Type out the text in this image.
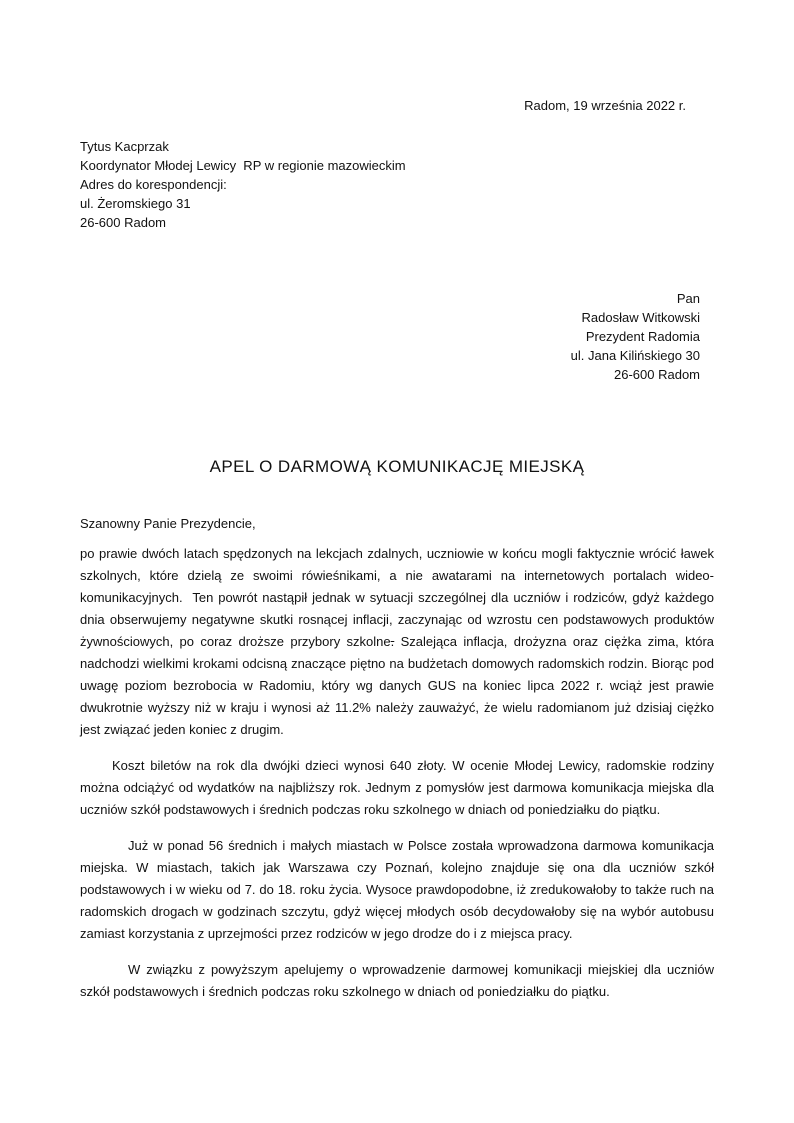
Radom, 19 września 2022 r.
Tytus Kacprzak
Koordynator Młodej Lewicy  RP w regionie mazowieckim
Adres do korespondencji:
ul. Żeromskiego 31
26-600 Radom
Pan
Radosław Witkowski
Prezydent Radomia
ul. Jana Kilińskiego 30
26-600 Radom
APEL O DARMOWĄ KOMUNIKACJĘ MIEJSKĄ

Szanowny Panie Prezydencie,

po prawie dwóch latach spędzonych na lekcjach zdalnych, uczniowie w końcu mogli faktycznie wrócić ławek szkolnych, które dzielą ze swoimi rówieśnikami, a nie awatarami na internetowych portalach wideo-komunikacyjnych.  Ten powrót nastąpił jednak w sytuacji szczególnej dla uczniów i rodziców, gdyż każdego dnia obserwujemy negatywne skutki rosnącej inflacji, zaczynając od wzrostu cen podstawowych produktów żywnościowych, po coraz droższe przybory szkolne. Szalejąca inflacja, drożyzna oraz ciężka zima, która nadchodzi wielkimi krokami odcisną znaczące piętno na budżetach domowych radomskich rodzin. Biorąc pod uwagę poziom bezrobocia w Radomiu, który wg danych GUS na koniec lipca 2022 r. wciąż jest prawie dwukrotnie wyższy niż w kraju i wynosi aż 11.2% należy zauważyć, że wielu radomianom już dzisiaj ciężko jest związać jeden koniec z drugim.

Koszt biletów na rok dla dwójki dzieci wynosi 640 złoty. W ocenie Młodej Lewicy, radomskie rodziny można odciążyć od wydatków na najbliższy rok. Jednym z pomysłów jest darmowa komunikacja miejska dla uczniów szkół podstawowych i średnich podczas roku szkolnego w dniach od poniedziałku do piątku.

Już w ponad 56 średnich i małych miastach w Polsce została wprowadzona darmowa komunikacja miejska. W miastach, takich jak Warszawa czy Poznań, kolejno znajduje się ona dla uczniów szkół podstawowych i w wieku od 7. do 18. roku życia. Wysoce prawdopodobne, iż zredukowałoby to także ruch na radomskich drogach w godzinach szczytu, gdyż więcej młodych osób decydowałoby się na wybór autobusu zamiast korzystania z uprzejmości przez rodziców w jego drodze do i z miejsca pracy.

W związku z powyższym apelujemy o wprowadzenie darmowej komunikacji miejskiej dla uczniów szkół podstawowych i średnich podczas roku szkolnego w dniach od poniedziałku do piątku.
